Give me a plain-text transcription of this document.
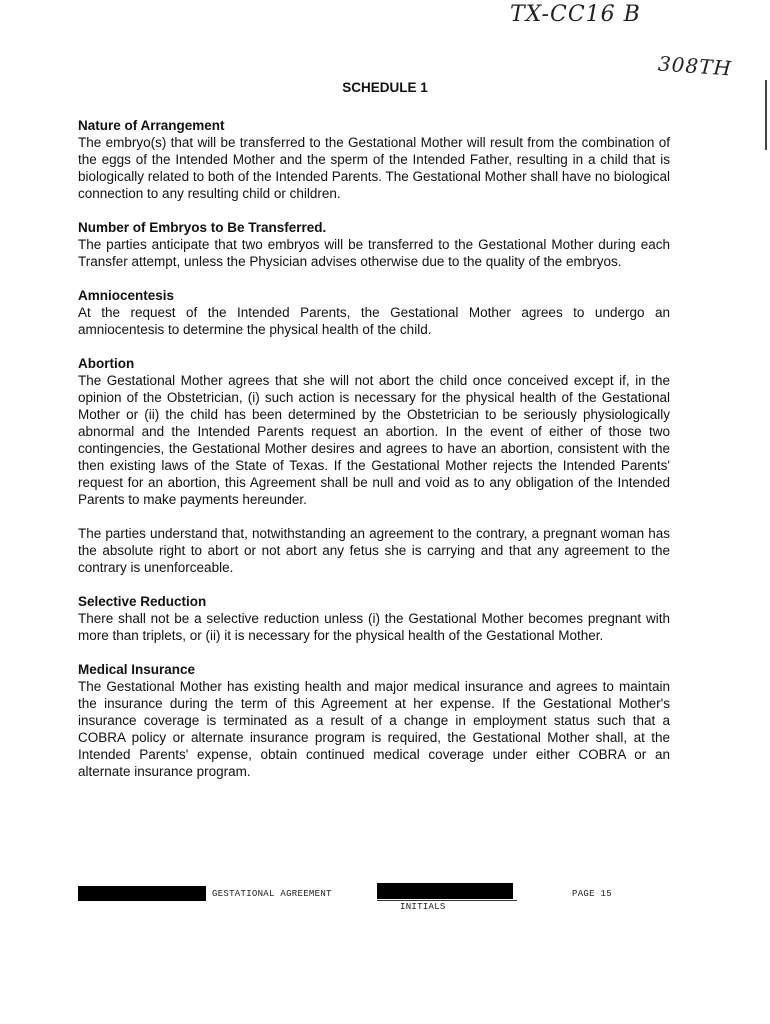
TX-CC16 B
308TH
SCHEDULE 1
Nature of Arrangement

The embryo(s) that will be transferred to the Gestational Mother will result from the combination of the eggs of the Intended Mother and the sperm of the Intended Father, resulting in a child that is biologically related to both of the Intended Parents. The Gestational Mother shall have no biological connection to any resulting child or children.

Number of Embryos to Be Transferred.

The parties anticipate that two embryos will be transferred to the Gestational Mother during each Transfer attempt, unless the Physician advises otherwise due to the quality of the embryos.

Amniocentesis

At the request of the Intended Parents, the Gestational Mother agrees to undergo an amniocentesis to determine the physical health of the child.

Abortion

The Gestational Mother agrees that she will not abort the child once conceived except if, in the opinion of the Obstetrician, (i) such action is necessary for the physical health of the Gestational Mother or (ii) the child has been determined by the Obstetrician to be seriously physiologically abnormal and the Intended Parents request an abortion. In the event of either of those two contingencies, the Gestational Mother desires and agrees to have an abortion, consistent with the then existing laws of the State of Texas. If the Gestational Mother rejects the Intended Parents' request for an abortion, this Agreement shall be null and void as to any obligation of the Intended Parents to make payments hereunder.

The parties understand that, notwithstanding an agreement to the contrary, a pregnant woman has the absolute right to abort or not abort any fetus she is carrying and that any agreement to the contrary is unenforceable.

Selective Reduction

There shall not be a selective reduction unless (i) the Gestational Mother becomes pregnant with more than triplets, or (ii) it is necessary for the physical health of the Gestational Mother.

Medical Insurance

The Gestational Mother has existing health and major medical insurance and agrees to maintain the insurance during the term of this Agreement at her expense. If the Gestational Mother's insurance coverage is terminated as a result of a change in employment status such that a COBRA policy or alternate insurance program is required, the Gestational Mother shall, at the Intended Parents' expense, obtain continued medical coverage under either COBRA or an alternate insurance program.

GESTATIONAL AGREEMENT
INITIALS
PAGE 15
